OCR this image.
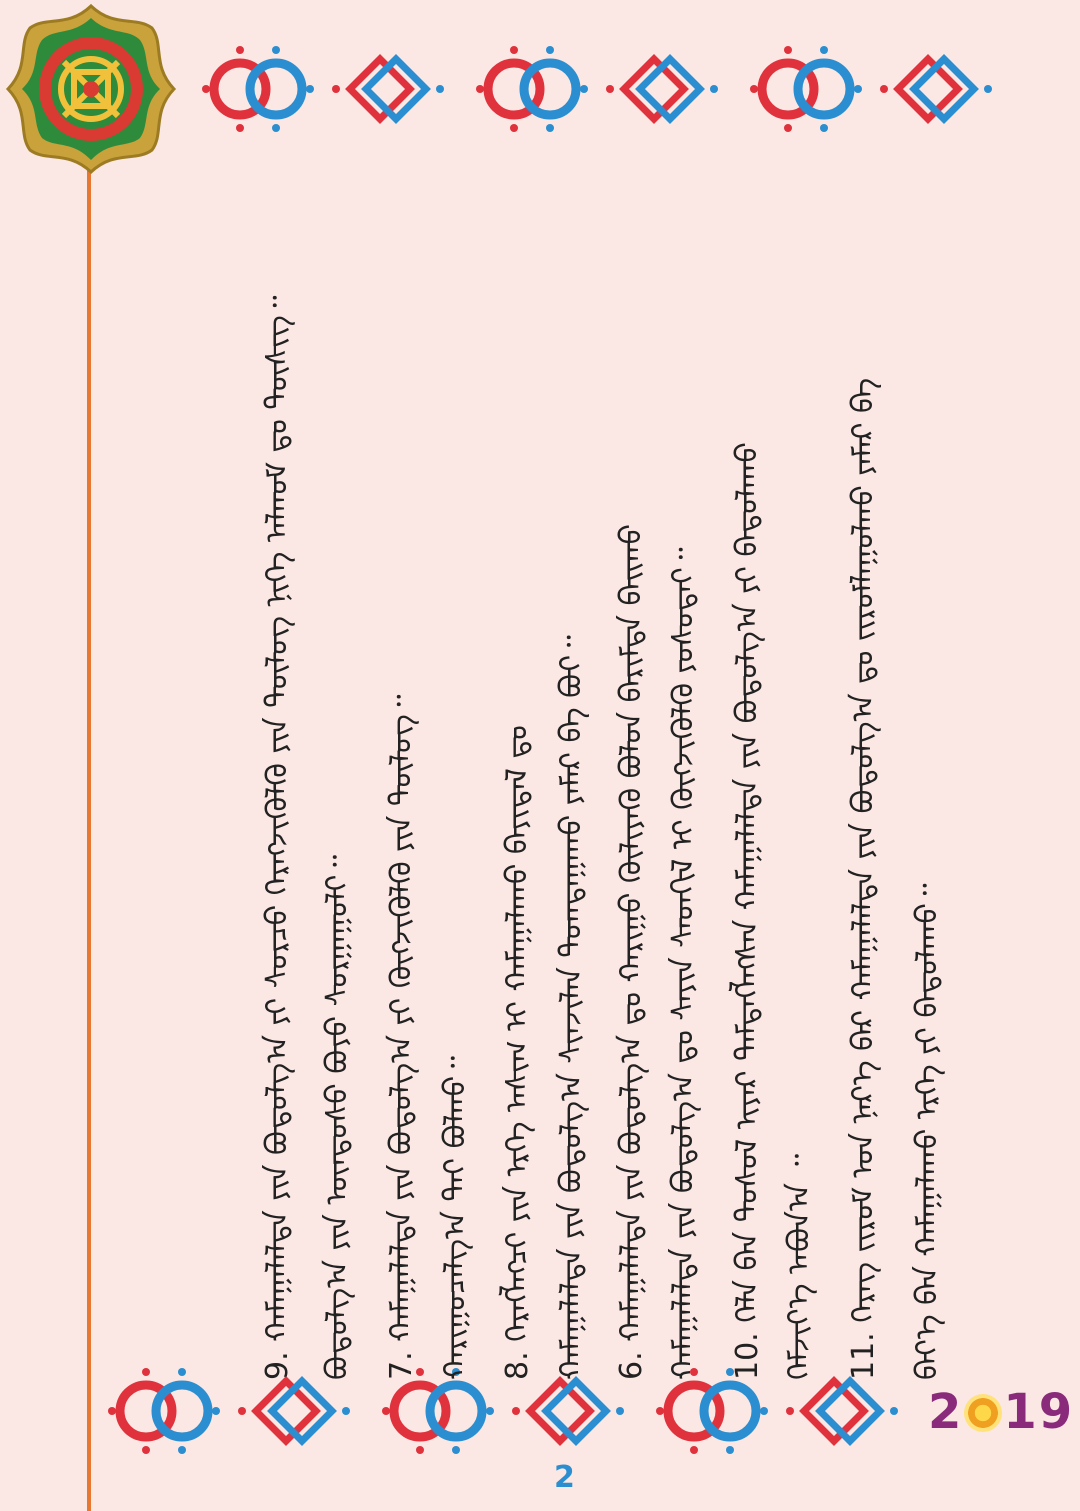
2 19
2
ᠪᠡᠶ᠎ᠡ ᠪᠡᠨ ᠬᠠᠮᠠᠭᠠᠯᠠᠬᠤ ᠡᠷᠬᠡ ᠶᠢ ᠪᠠᠲᠤᠯᠠᠬᠤ᠃
11. ᠬᠡᠷᠡᠭ ᠵᠢᠷᠤᠮ ᠤᠨ ᠨᠡᠷ᠎ᠡ ᠪᠡᠷ ᠬᠠᠮᠠᠭᠠᠯᠠᠯᠲᠠ ᠶᠢᠨ ᠪᠣᠳᠣᠯᠭ᠎ᠠ ᠳᠤ ᠵᠢᠷᠤᠮᠯᠠᠭᠤᠯᠬᠤ ᠶᠠᠮᠠᠷ ᠪᠡ
ᠬᠡᠮᠵᠢᠶ᠎ᠡ ᠠᠪᠤᠨ᠎ᠠ ᠃
10. ᠬᠡᠯᠡ ᠪᠡᠨ ᠳᠣᠰᠣᠯ ᠢᠶᠡᠷ ᠲᠡᠮᠳᠡᠭᠯᠡᠭᠰᠡᠨ ᠬᠠᠮᠠᠭᠠᠯᠠᠯᠲᠠ ᠶᠢᠨ ᠪᠣᠳᠣᠯᠭ᠎ᠠ ᠶᠢ ᠪᠠᠲᠤᠯᠠᠬᠤ
ᠬᠠᠮᠠᠭᠠᠯᠠᠯᠲᠠ ᠶᠢᠨ ᠪᠣᠳᠣᠯᠭ᠎ᠠ ᠳᠤ ᠰᠠᠶᠢᠨ ᠰᠡᠳᠭᠢᠯ ᠢ ᠬᠥᠭᠵᠢᠭᠦᠯᠬᠦ ᠶᠤᠰᠤᠲᠠᠢ᠃
6. ᠬᠠᠮᠠᠭᠠᠯᠠᠯᠲᠠ ᠶᠢᠨ ᠪᠣᠳᠣᠯᠭ᠎ᠠ ᠳᠤ ᠬᠠᠷᠢᠭᠤ ᠬᠦᠯᠢᠶᠡᠬᠦ ᠪᠣᠯᠤᠨ ᠪᠠᠷᠢᠮᠲᠠ ᠪᠠᠢᠬᠤ
ᠬᠠᠮᠠᠭᠠᠯᠠᠯᠲᠠ ᠶᠢᠨ ᠪᠣᠳᠣᠯᠭ᠎ᠠ ᠰᠢᠨᠵᠢᠯᠡᠨ ᠲᠣᠭᠲᠠᠭᠠᠬᠤ ᠶᠠᠮᠠᠷ ᠪᠡ ᠪᠤᠢ᠃
8. ᠬᠡᠷᠡᠭᠯᠡᠭᠴᠢ ᠶᠢᠨ ᠡᠷᠬᠡ ᠠᠰᠢᠭ ᠢ ᠬᠠᠮᠠᠭᠠᠯᠠᠬᠤ ᠪᠠᠶᠢᠳᠠᠯ ᠳᠤ
ᠬᠠᠷᠢᠭᠤᠴᠠᠯᠭ᠎ᠠ ᠲᠠᠢ ᠪᠣᠯᠬᠤ᠃
7. ᠬᠠᠮᠠᠭᠠᠯᠠᠯᠲᠠ ᠶᠢᠨ ᠪᠣᠳᠣᠯᠭ᠎ᠠ ᠶᠢ ᠬᠥᠭᠵᠢᠭᠦᠯᠬᠦ ᠶᠢᠨ ᠲᠥᠯᠦᠭ᠃
ᠪᠣᠳᠣᠯᠭ᠎ᠠ ᠶᠢᠨ ᠦᠨᠳᠦᠰᠦ ᠪᠤᠶᠤ ᠰᠤᠷᠭᠠᠭᠤᠯᠢ᠃
9. ᠬᠠᠮᠠᠭᠠᠯᠠᠯᠲᠠ ᠶᠢᠨ ᠪᠣᠳᠣᠯᠭ᠎ᠠ ᠶᠢ ᠰᠤᠷᠴᠤ ᠬᠡᠷᠡᠭᠵᠢᠭᠦᠯᠬᠦ ᠶᠢᠨ ᠲᠥᠯᠦᠭ ᠨᠢᠭᠡ ᠠᠯᠬᠤᠮ ᠳᠤ ᠲᠦᠰᠢᠭ᠃
